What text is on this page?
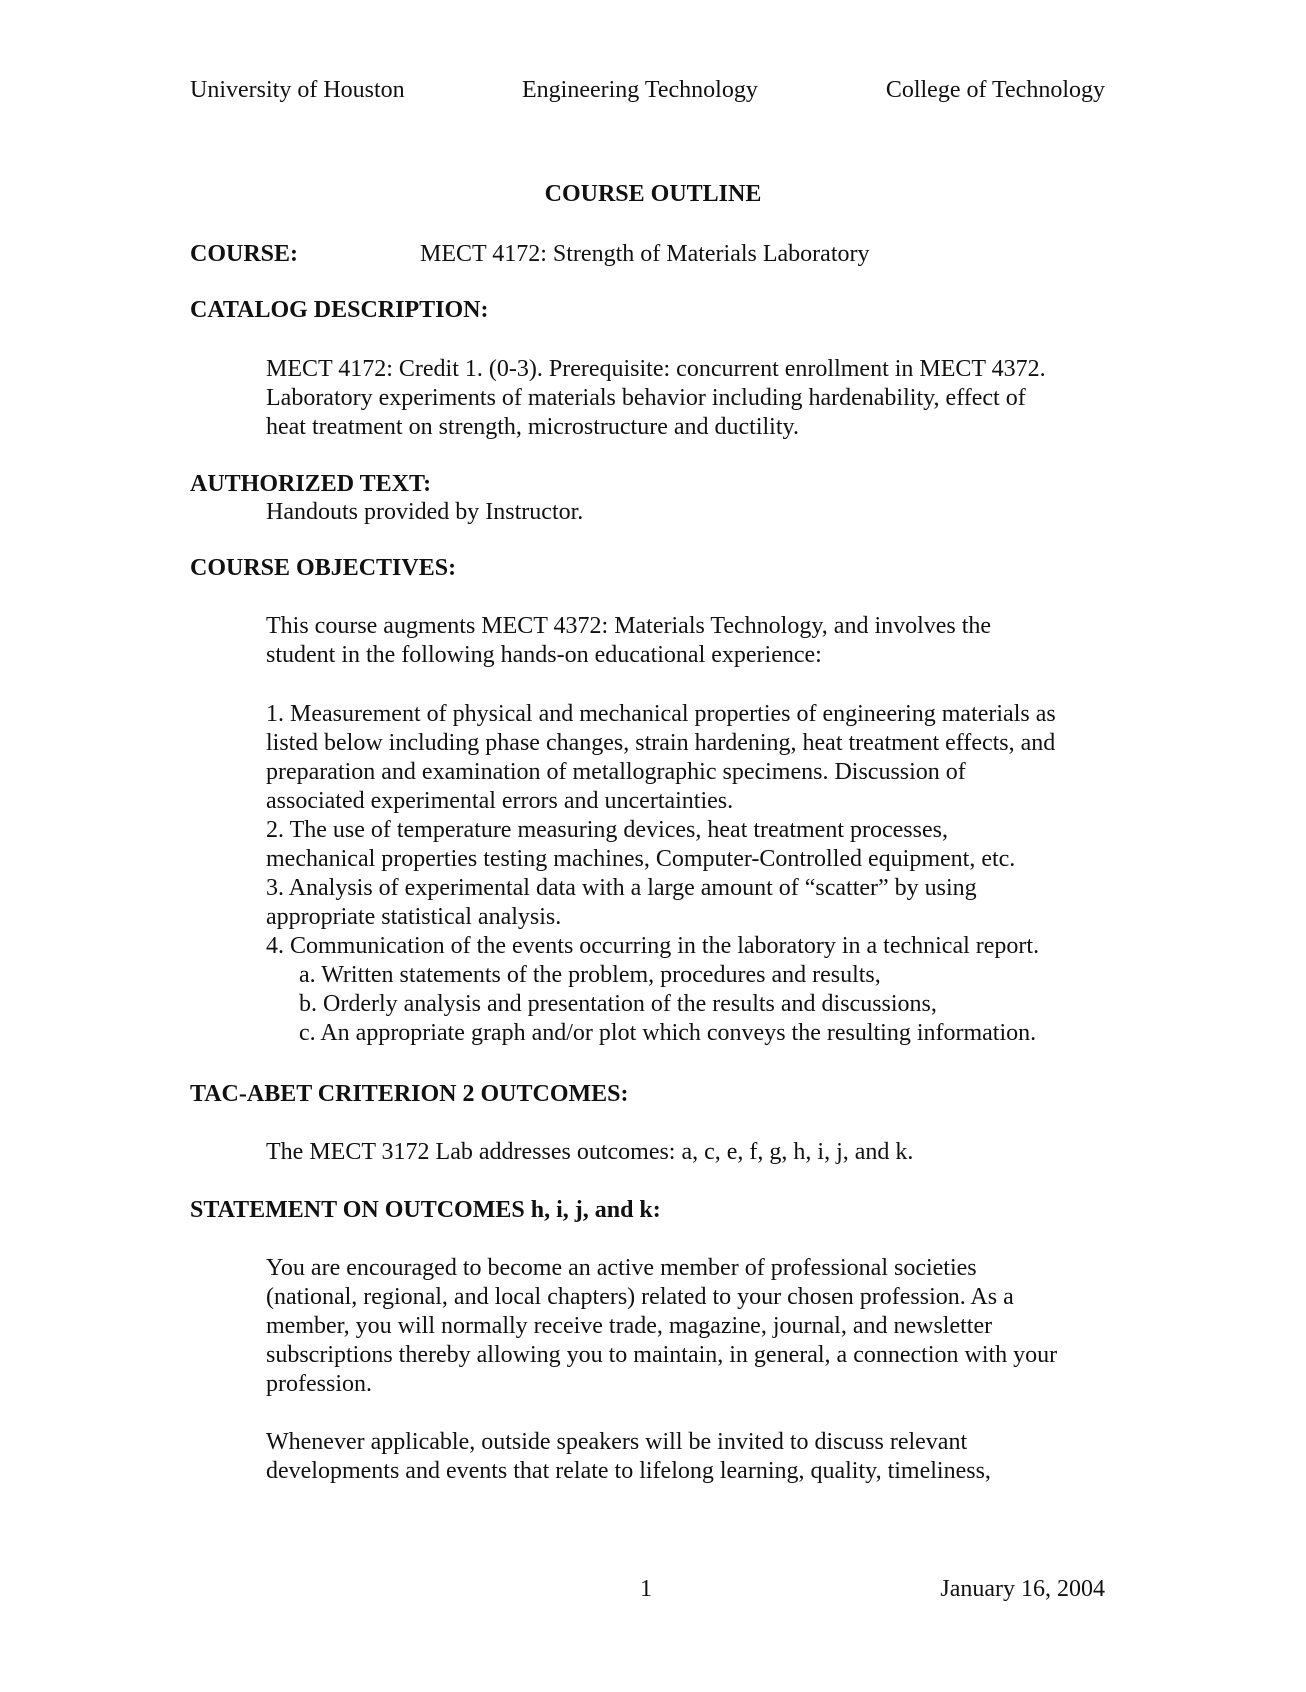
University of Houston	Engineering Technology	College of Technology
COURSE OUTLINE
COURSE:	MECT 4172: Strength of Materials Laboratory
CATALOG DESCRIPTION:
MECT 4172: Credit 1. (0-3). Prerequisite: concurrent enrollment in MECT 4372.
Laboratory experiments of materials behavior including hardenability, effect of
heat treatment on strength, microstructure and ductility.
AUTHORIZED TEXT:
Handouts provided by Instructor.
COURSE OBJECTIVES:
This course augments MECT 4372: Materials Technology, and involves the
student in the following hands-on educational experience:
1. Measurement of physical and mechanical properties of engineering materials as
listed below including phase changes, strain hardening, heat treatment effects, and
preparation and examination of metallographic specimens. Discussion of
associated experimental errors and uncertainties.
2. The use of temperature measuring devices, heat treatment processes,
mechanical properties testing machines, Computer-Controlled equipment, etc.
3. Analysis of experimental data with a large amount of “scatter” by using
appropriate statistical analysis.
4. Communication of the events occurring in the laboratory in a technical report.
a. Written statements of the problem, procedures and results,
b. Orderly analysis and presentation of the results and discussions,
c. An appropriate graph and/or plot which conveys the resulting information.
TAC-ABET CRITERION 2 OUTCOMES:
The MECT 3172 Lab addresses outcomes: a, c, e, f, g, h, i, j, and k.
STATEMENT ON OUTCOMES h, i, j, and k:
You are encouraged to become an active member of professional societies
(national, regional, and local chapters) related to your chosen profession. As a
member, you will normally receive trade, magazine, journal, and newsletter
subscriptions thereby allowing you to maintain, in general, a connection with your
profession.
Whenever applicable, outside speakers will be invited to discuss relevant
developments and events that relate to lifelong learning, quality, timeliness,
1	January 16, 2004
